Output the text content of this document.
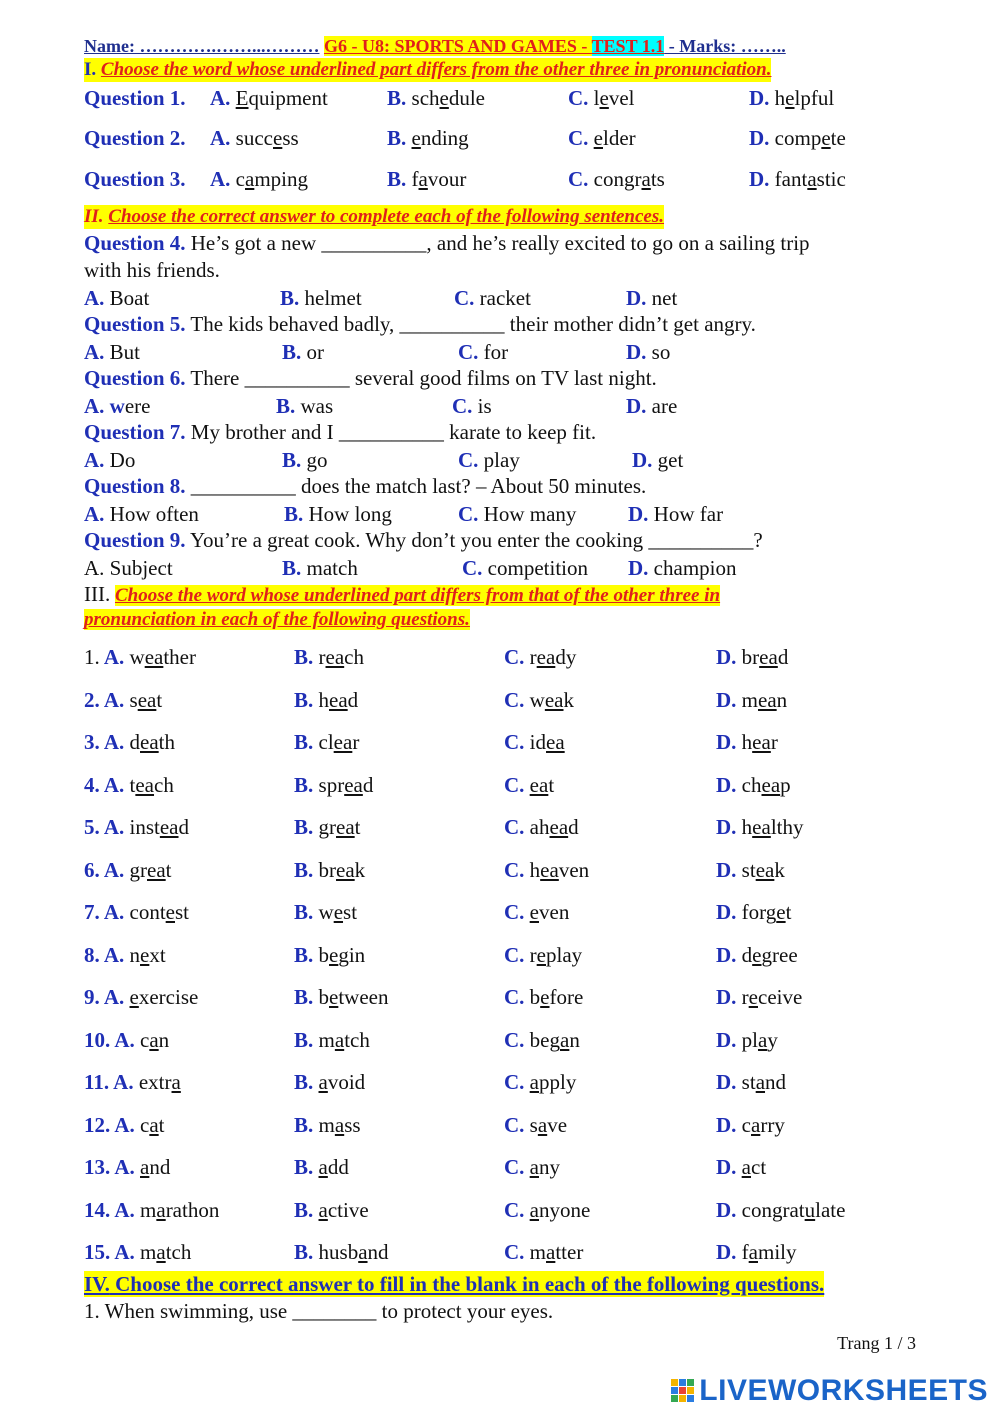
Name: ………….……...……… G6 - U8: SPORTS AND GAMES - TEST 1.1 - Marks: ……..
I. Choose the word whose underlined part differs from the other three in pronunciation.
Question 1. A. Equipment	B. schedule	C. level	D. helpful
Question 2. A. success	B. ending	C. elder	D. compete
Question 3. A. camping	B. favour	C. congrats	D. fantastic
II. Choose the correct answer to complete each of the following sentences.
Question 4. He’s got a new __________, and he’s really excited to go on a sailing trip
with his friends.
A. Boat	B. helmet	C. racket	D. net
Question 5. The kids behaved badly, __________ their mother didn’t get angry.
A. But	B. or	C. for	D. so
Question 6. There __________ several good films on TV last night.
A. were	B. was	C. is	D. are
Question 7. My brother and I __________ karate to keep fit.
A. Do	B. go	C. play	D. get
Question 8. __________ does the match last? – About 50 minutes.
A. How often	B. How long	C. How many D. How far
Question 9. You’re a great cook. Why don’t you enter the cooking __________?
A. Subject	B. match	C. competition D. champion
III. Choose the word whose underlined part differs from that of the other three in
pronunciation in each of the following questions.
1. A. weather	B. reach	C. ready	D. bread
2. A. seat	B. head	C. weak	D. mean
3. A. death	B. clear	C. idea	D. hear
4. A. teach	B. spread	C. eat	D. cheap
5. A. instead	B. great	C. ahead	D. healthy
6. A. great	B. break	C. heaven	D. steak
7. A. contest	B. west	C. even	D. forget
8. A. next	B. begin	C. replay	D. degree
9. A. exercise	B. between	C. before	D. receive
10. A. can	B. match	C. began	D. play
11. A. extra	B. avoid	C. apply	D. stand
12. A. cat	B. mass	C. save	D. carry
13. A. and	B. add	C. any	D. act
14. A. marathon	B. active	C. anyone	D. congratulate
15. A. match	B. husband	C. matter	D. family
IV. Choose the correct answer to fill in the blank in each of the following questions.
1. When swimming, use ________ to protect your eyes.
Trang 1 / 3
LIVEWORKSHEETS
